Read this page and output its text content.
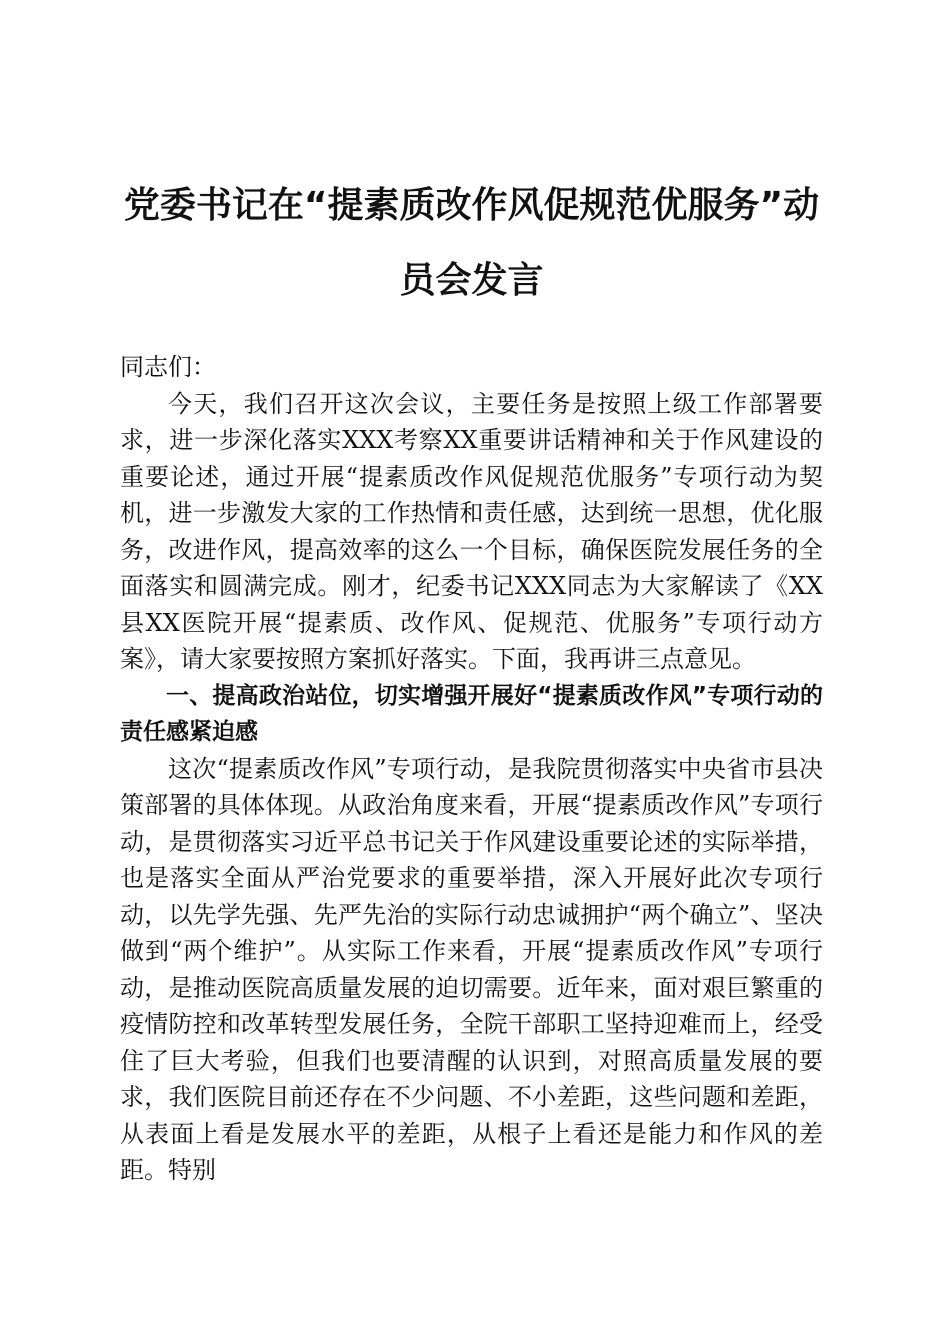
党委书记在“提素质改作风促规范优服务”动员会发言

同志们：

今天，我们召开这次会议，主要任务是按照上级工作部署要求，进一步深化落实XXX考察XX重要讲话精神和关于作风建设的重要论述，通过开展“提素质改作风促规范优服务”专项行动为契机，进一步激发大家的工作热情和责任感，达到统一思想，优化服务，改进作风，提高效率的这么一个目标，确保医院发展任务的全面落实和圆满完成。刚才，纪委书记XXX同志为大家解读了《XX县XX医院开展“提素质、改作风、促规范、优服务”专项行动方案》，请大家要按照方案抓好落实。下面，我再讲三点意见。

一、提高政治站位，切实增强开展好“提素质改作风”专项行动的责任感紧迫感

这次“提素质改作风”专项行动，是我院贯彻落实中央省市县决策部署的具体体现。从政治角度来看，开展“提素质改作风”专项行动，是贯彻落实习近平总书记关于作风建设重要论述的实际举措，也是落实全面从严治党要求的重要举措，深入开展好此次专项行动，以先学先强、先严先治的实际行动忠诚拥护“两个确立”、坚决做到“两个维护”。从实际工作来看，开展“提素质改作风”专项行动，是推动医院高质量发展的迫切需要。近年来，面对艰巨繁重的疫情防控和改革转型发展任务，全院干部职工坚持迎难而上，经受住了巨大考验，但我们也要清醒的认识到，对照高质量发展的要求，我们医院目前还存在不少问题、不小差距，这些问题和差距，从表面上看是发展水平的差距，从根子上看还是能力和作风的差距。特别
